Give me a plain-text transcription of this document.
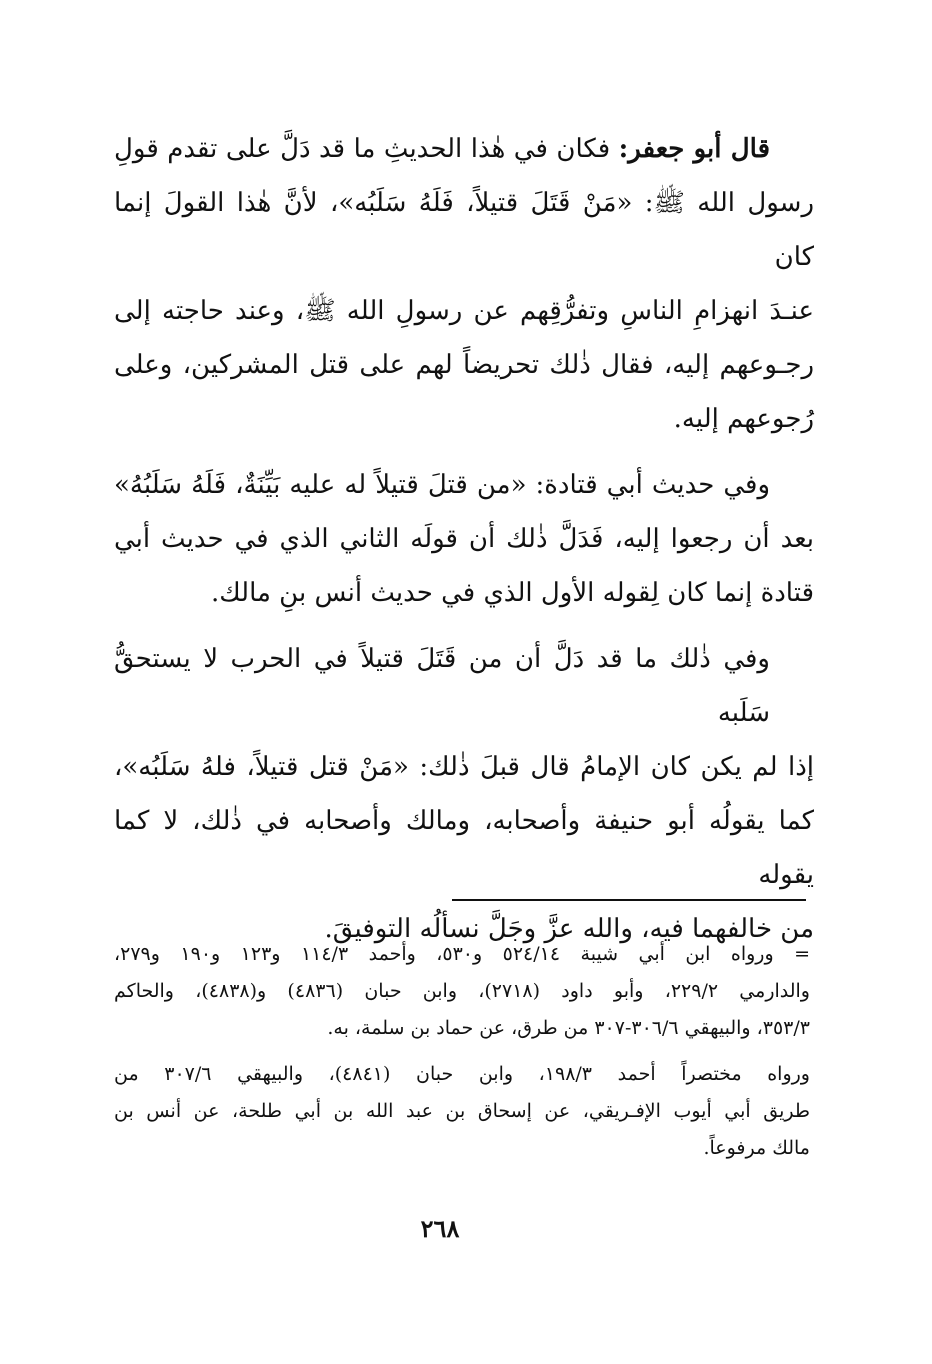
قال أبو جعفر: فكان في هٰذا الحديثِ ما قد دَلَّ على تقدم قولِ
رسول الله ﷺ: «مَنْ قَتَلَ قتيلاً، فَلَهُ سَلَبُه»، لأنَّ هٰذا القولَ إنما كان
عنـدَ انهزامِ الناسِ وتفرُّقِهم عن رسولِ الله ﷺ، وعند حاجته إلى
رجـوعهم إليه، فقال ذٰلك تحريضاً لهم على قتل المشركين، وعلى
رُجوعهم إليه.

وفي حديث أبي قتادة: «من قتلَ قتيلاً له عليه بَيِّنَةٌ، فَلَهُ سَلَبُهُ»
بعد أن رجعوا إليه، فَدَلَّ ذٰلك أن قولَه الثاني الذي في حديث أبي
قتادة إنما كان لِقوله الأول الذي في حديث أنس بنِ مالك.

وفي ذٰلك ما قد دَلَّ أن من قَتَلَ قتيلاً في الحرب لا يستحقُّ سَلَبه
إذا لم يكن كان الإمامُ قال قبلَ ذٰلك: «مَنْ قتل قتيلاً، فلهُ سَلَبُه»،
كما يقولُه أبو حنيفة وأصحابه، ومالك وأصحابه في ذٰلك، لا كما يقوله
من خالفهما فيه، والله عزَّ وجَلَّ نسألُه التوفيقَ.

= ورواه ابن أبي شيبة ٥٢٤/١٤ و٥٣٠، وأحمد ١١٤/٣ و١٢٣ و١٩٠ و٢٧٩،
والدارمي ٢٢٩/٢، وأبو داود (٢٧١٨)، وابن حبان (٤٨٣٦) و(٤٨٣٨)، والحاكم
٣٥٣/٣، والبيهقي ٣٠٦/٦-٣٠٧ من طرق، عن حماد بن سلمة، به.

ورواه مختصراً أحمد ١٩٨/٣، وابن حبان (٤٨٤١)، والبيهقي ٣٠٧/٦ من
طريق أبي أيوب الإفـريقي، عن إسحاق بن عبد الله بن أبي طلحة، عن أنس بن
مالك مرفوعاً.

٢٦٨
